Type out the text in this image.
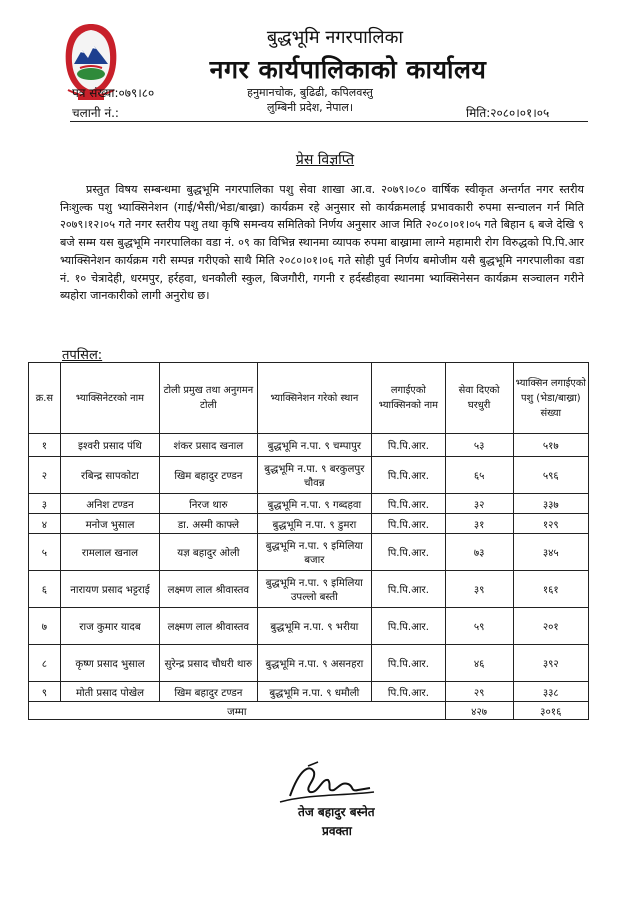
बुद्धभूमि नगरपालिका
नगर कार्यपालिकाको कार्यालय
हनुमानचोक, बुढिढी, कपिलवस्तु
लुम्बिनी प्रदेश, नेपाल।
पत्र संख्या:०७९।८०
चलानी नं.:	मिति:२०८०।०१।०५
प्रेस विज्ञप्ति
प्रस्तुत विषय सम्बन्धमा बुद्धभूमि नगरपालिका पशु सेवा शाखा आ.व. २०७९।०८० वार्षिक स्वीकृत अन्तर्गत नगर स्तरीय निःशुल्क पशु भ्याक्सिनेशन (गाई/भैसी/भेडा/बाख्रा) कार्यक्रम रहे अनुसार सो कार्यक्रमलाई प्रभावकारी रुपमा सन्चालन गर्न मिति २०७९।१२।०५ गते नगर स्तरीय पशु तथा कृषि समन्वय समितिको निर्णय अनुसार आज मिति २०८०।०१।०५ गते बिहान ६ बजे देखि ९ बजे सम्म यस बुद्धभूमि नगरपालिका वडा नं. ०९ का विभिन्न स्थानमा व्यापक रुपमा बाख्रामा लाग्ने महामारी रोग विरुद्धको पि.पि.आर भ्याक्सिनेशन कार्यक्रम गरी सम्पन्न गरीएको साथै मिति २०८०।०१।०६ गते सोही पुर्व निर्णय बमोजीम यसै बुद्धभूमि नगरपालीका वडा नं. १० चेत्रादेही, धरमपुर, हर्रहवा, धनकौली स्कुल, बिजगौरी, गगनी र हर्दस्डीहवा स्थानमा भ्याक्सिनेसन कार्यक्रम सञ्चालन गरीने ब्यहोरा जानकारीको लागी अनुरोध छ।
तपसिल:
क्र.स	भ्याक्सिनेटरको नाम	टोली प्रमुख तथा अनुगमन टोली	भ्याक्सिनेशन गरेको स्थान	लगाईएको भ्याक्सिनको नाम	सेवा दिएको घरधुरी	भ्याक्सिन लगाईएको पशु (भेडा/बाख्रा) संख्या
१	इश्वरी प्रसाद पंथि	शंकर प्रसाद खनाल	बुद्धभूमि न.पा. ९ चम्पापुर	पि.पि.आर.	५३	५१७
२	रबिन्द्र सापकोटा	खिम बहादुर टण्डन	बुद्धभूमि न.पा. ९ बरकुलपुर चौवन्न	पि.पि.आर.	६५	५९६
३	अनिश टण्डन	निरज थारु	बुद्धभूमि न.पा. ९ गब्दहवा	पि.पि.आर.	३२	३३७
४	मनोज भुसाल	डा. अस्मी काफ्ले	बुद्धभूमि न.पा. ९ डुमरा	पि.पि.आर.	३१	१२९
५	रामलाल खनाल	यज्ञ बहादुर ओली	बुद्धभूमि न.पा. ९ इमिलिया बजार	पि.पि.आर.	७३	३४५
६	नारायण प्रसाद भट्टराई	लक्ष्मण लाल श्रीवास्तव	बुद्धभूमि न.पा. ९ इमिलिया उपल्लो बस्ती	पि.पि.आर.	३९	१६१
७	राज कुमार यादब	लक्ष्मण लाल श्रीवास्तव	बुद्धभूमि न.पा. ९ भरीया	पि.पि.आर.	५९	२०१
८	कृष्ण प्रसाद भुसाल	सुरेन्द्र प्रसाद चौधरी थारु	बुद्धभूमि न.पा. ९ असनहरा	पि.पि.आर.	४६	३९२
९	मोती प्रसाद पोखेल	खिम बहादुर टण्डन	बुद्धभूमि न.पा. ९ धमौली	पि.पि.आर.	२९	३३८
जम्मा					४२७	३०१६
तेज बहादुर बस्नेत
प्रवक्ता
